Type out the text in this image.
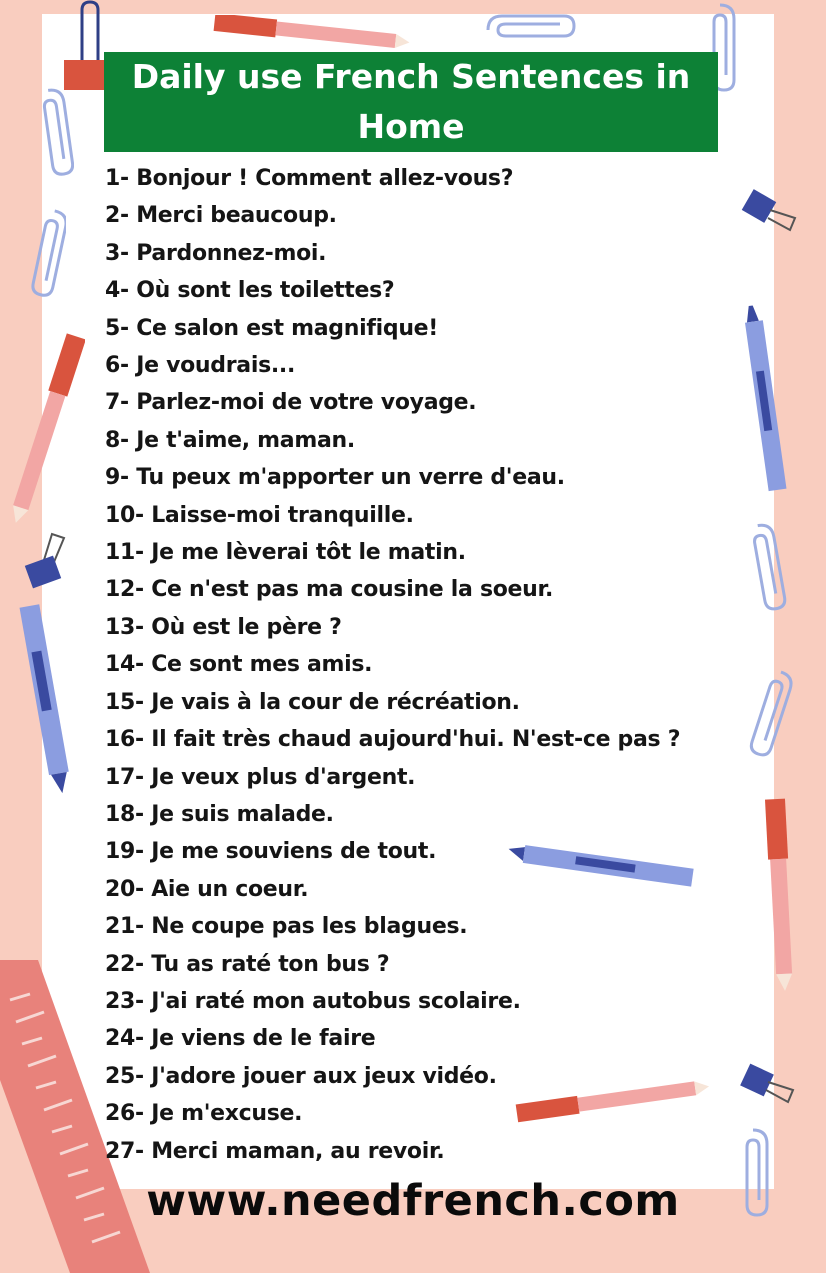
Daily use French Sentences in Home
1- Bonjour ! Comment allez-vous?
2- Merci beaucoup.
3- Pardonnez-moi.
4- Où sont les toilettes?
5- Ce salon est magnifique!
6- Je voudrais...
7- Parlez-moi de votre voyage.
8- Je t'aime, maman.
9- Tu peux m'apporter un verre d'eau.
10- Laisse-moi tranquille.
11- Je me lèverai tôt le matin.
12- Ce n'est pas ma cousine la soeur.
13- Où est le père ?
14- Ce sont mes amis.
15- Je vais à la cour de récréation.
16- Il fait très chaud aujourd'hui. N'est-ce pas ?
17- Je veux plus d'argent.
18- Je suis malade.
19- Je me souviens de tout.
20- Aie un coeur.
21- Ne coupe pas les blagues.
22- Tu as raté ton bus ?
23- J'ai raté mon autobus scolaire.
24- Je viens de le faire
25- J'adore jouer aux jeux vidéo.
26- Je m'excuse.
27- Merci maman, au revoir.
www.needfrench.com
